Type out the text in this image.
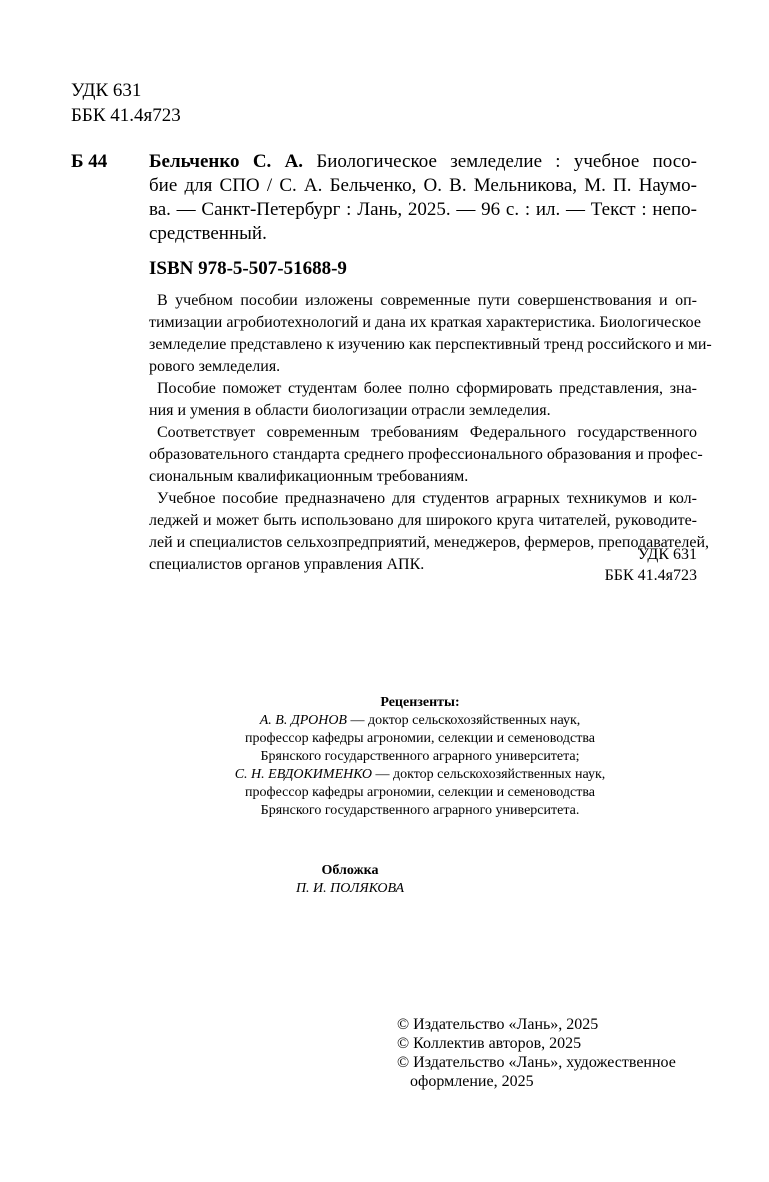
УДК 631
ББК 41.4я723
Б 44 Бельченко С. А. Биологическое земледелие : учебное посо-
бие для СПО / С. А. Бельченко, О. В. Мельникова, М. П. Наумо-
ва. — Санкт-Петербург : Лань, 2025. — 96 с. : ил. — Текст : непо-
средственный.
ISBN 978-5-507-51688-9
В учебном пособии изложены современные пути совершенствования и оп-
тимизации агробиотехнологий и дана их краткая характеристика. Биологическое
земледелие представлено к изучению как перспективный тренд российского и ми-
рового земледелия.
Пособие поможет студентам более полно сформировать представления, зна-
ния и умения в области биологизации отрасли земледелия.
Соответствует современным требованиям Федерального государственного
образовательного стандарта среднего профессионального образования и профес-
сиональным квалификационным требованиям.
Учебное пособие предназначено для студентов аграрных техникумов и кол-
леджей и может быть использовано для широкого круга читателей, руководите-
лей и специалистов сельхозпредприятий, менеджеров, фермеров, преподавателей,
специалистов органов управления АПК.
УДК 631
ББК 41.4я723
Рецензенты:
А. В. ДРОНОВ — доктор сельскохозяйственных наук,
профессор кафедры агрономии, селекции и семеноводства
Брянского государственного аграрного университета;
С. Н. ЕВДОКИМЕНКО — доктор сельскохозяйственных наук,
профессор кафедры агрономии, селекции и семеноводства
Брянского государственного аграрного университета.
Обложка
П. И. ПОЛЯКОВА
© Издательство «Лань», 2025
© Коллектив авторов, 2025
© Издательство «Лань», художественное
оформление, 2025
